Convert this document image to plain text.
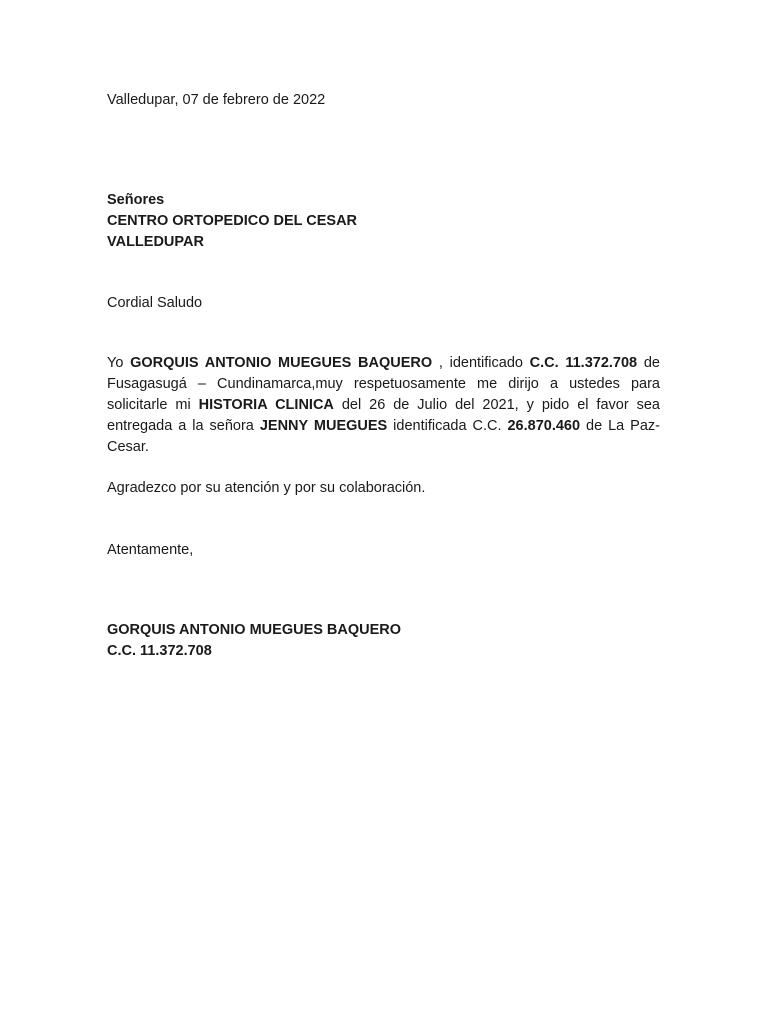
Valledupar, 07 de febrero de 2022
Señores
CENTRO ORTOPEDICO DEL CESAR
VALLEDUPAR
Cordial Saludo
Yo GORQUIS ANTONIO MUEGUES BAQUERO , identificado C.C. 11.372.708 de Fusagasugá – Cundinamarca,muy respetuosamente me dirijo a ustedes para solicitarle mi HISTORIA CLINICA del 26 de Julio del 2021, y pido el favor sea entregada a la señora JENNY MUEGUES identificada C.C. 26.870.460 de La Paz-Cesar.
Agradezco por su atención y por su colaboración.
Atentamente,
GORQUIS ANTONIO MUEGUES BAQUERO
C.C. 11.372.708
